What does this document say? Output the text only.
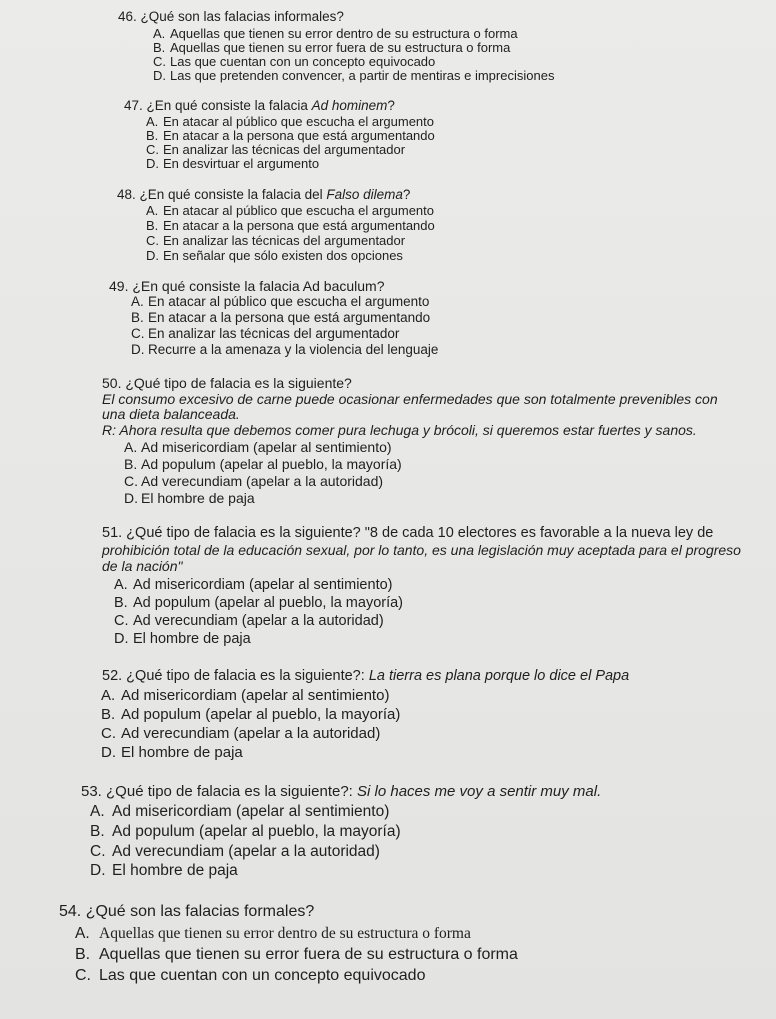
46. ¿Qué son las falacias informales?
A. Aquellas que tienen su error dentro de su estructura o forma
B. Aquellas que tienen su error fuera de su estructura o forma
C. Las que cuentan con un concepto equivocado
D. Las que pretenden convencer, a partir de mentiras e imprecisiones
47. ¿En qué consiste la falacia Ad hominem?
A. En atacar al público que escucha el argumento
B. En atacar a la persona que está argumentando
C. En analizar las técnicas del argumentador
D. En desvirtuar el argumento
48. ¿En qué consiste la falacia del Falso dilema?
A. En atacar al público que escucha el argumento
B. En atacar a la persona que está argumentando
C. En analizar las técnicas del argumentador
D. En señalar que sólo existen dos opciones
49. ¿En qué consiste la falacia Ad baculum?
A. En atacar al público que escucha el argumento
B. En atacar a la persona que está argumentando
C. En analizar las técnicas del argumentador
D. Recurre a la amenaza y la violencia del lenguaje
50. ¿Qué tipo de falacia es la siguiente?
El consumo excesivo de carne puede ocasionar enfermedades que son totalmente prevenibles con
una dieta balanceada.
R: Ahora resulta que debemos comer pura lechuga y brócoli, si queremos estar fuertes y sanos.
A. Ad misericordiam (apelar al sentimiento)
B. Ad populum (apelar al pueblo, la mayoría)
C. Ad verecundiam (apelar a la autoridad)
D. El hombre de paja
51. ¿Qué tipo de falacia es la siguiente? "8 de cada 10 electores es favorable a la nueva ley de
prohibición total de la educación sexual, por lo tanto, es una legislación muy aceptada para el progreso
de la nación"
A. Ad misericordiam (apelar al sentimiento)
B. Ad populum (apelar al pueblo, la mayoría)
C. Ad verecundiam (apelar a la autoridad)
D. El hombre de paja
52. ¿Qué tipo de falacia es la siguiente?: La tierra es plana porque lo dice el Papa
A. Ad misericordiam (apelar al sentimiento)
B. Ad populum (apelar al pueblo, la mayoría)
C. Ad verecundiam (apelar a la autoridad)
D. El hombre de paja
53. ¿Qué tipo de falacia es la siguiente?: Si lo haces me voy a sentir muy mal.
A. Ad misericordiam (apelar al sentimiento)
B. Ad populum (apelar al pueblo, la mayoría)
C. Ad verecundiam (apelar a la autoridad)
D. El hombre de paja
54. ¿Qué son las falacias formales?
A. Aquellas que tienen su error dentro de su estructura o forma
B. Aquellas que tienen su error fuera de su estructura o forma
C. Las que cuentan con un concepto equivocado
